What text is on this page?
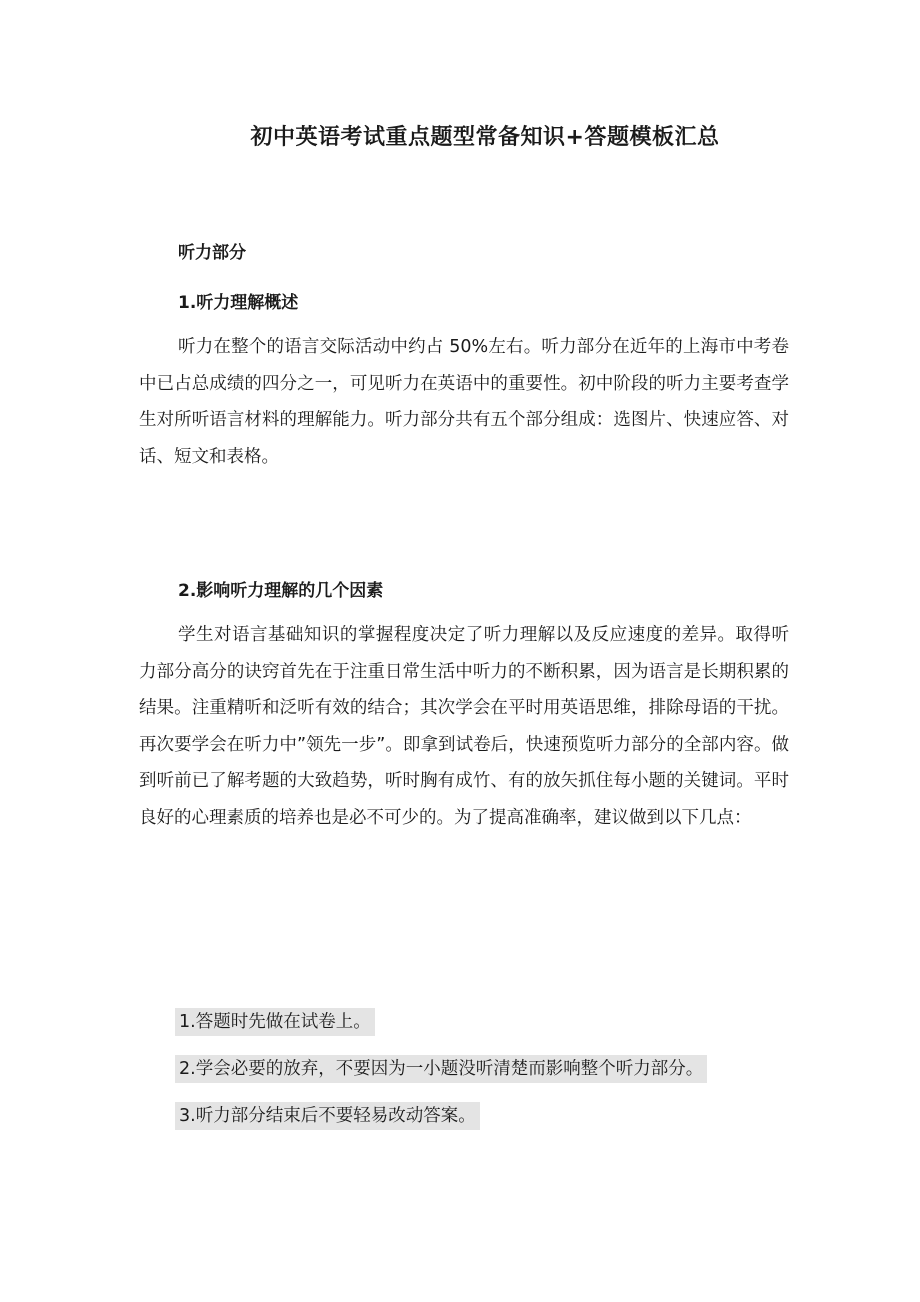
初中英语考试重点题型常备知识+答题模板汇总
听力部分
1.听力理解概述

听力在整个的语言交际活动中约占 50%左右。听力部分在近年的上海市中考卷中已占总成绩的四分之一，可见听力在英语中的重要性。初中阶段的听力主要考查学生对所听语言材料的理解能力。听力部分共有五个部分组成：选图片、快速应答、对话、短文和表格。

2.影响听力理解的几个因素

学生对语言基础知识的掌握程度决定了听力理解以及反应速度的差异。取得听力部分高分的诀窍首先在于注重日常生活中听力的不断积累，因为语言是长期积累的结果。注重精听和泛听有效的结合；其次学会在平时用英语思维，排除母语的干扰。再次要学会在听力中”领先一步”。即拿到试卷后，快速预览听力部分的全部内容。做到听前已了解考题的大致趋势，听时胸有成竹、有的放矢抓住每小题的关键词。平时良好的心理素质的培养也是必不可少的。为了提高准确率，建议做到以下几点：

1.答题时先做在试卷上。
2.学会必要的放弃，不要因为一小题没听清楚而影响整个听力部分。
3.听力部分结束后不要轻易改动答案。
